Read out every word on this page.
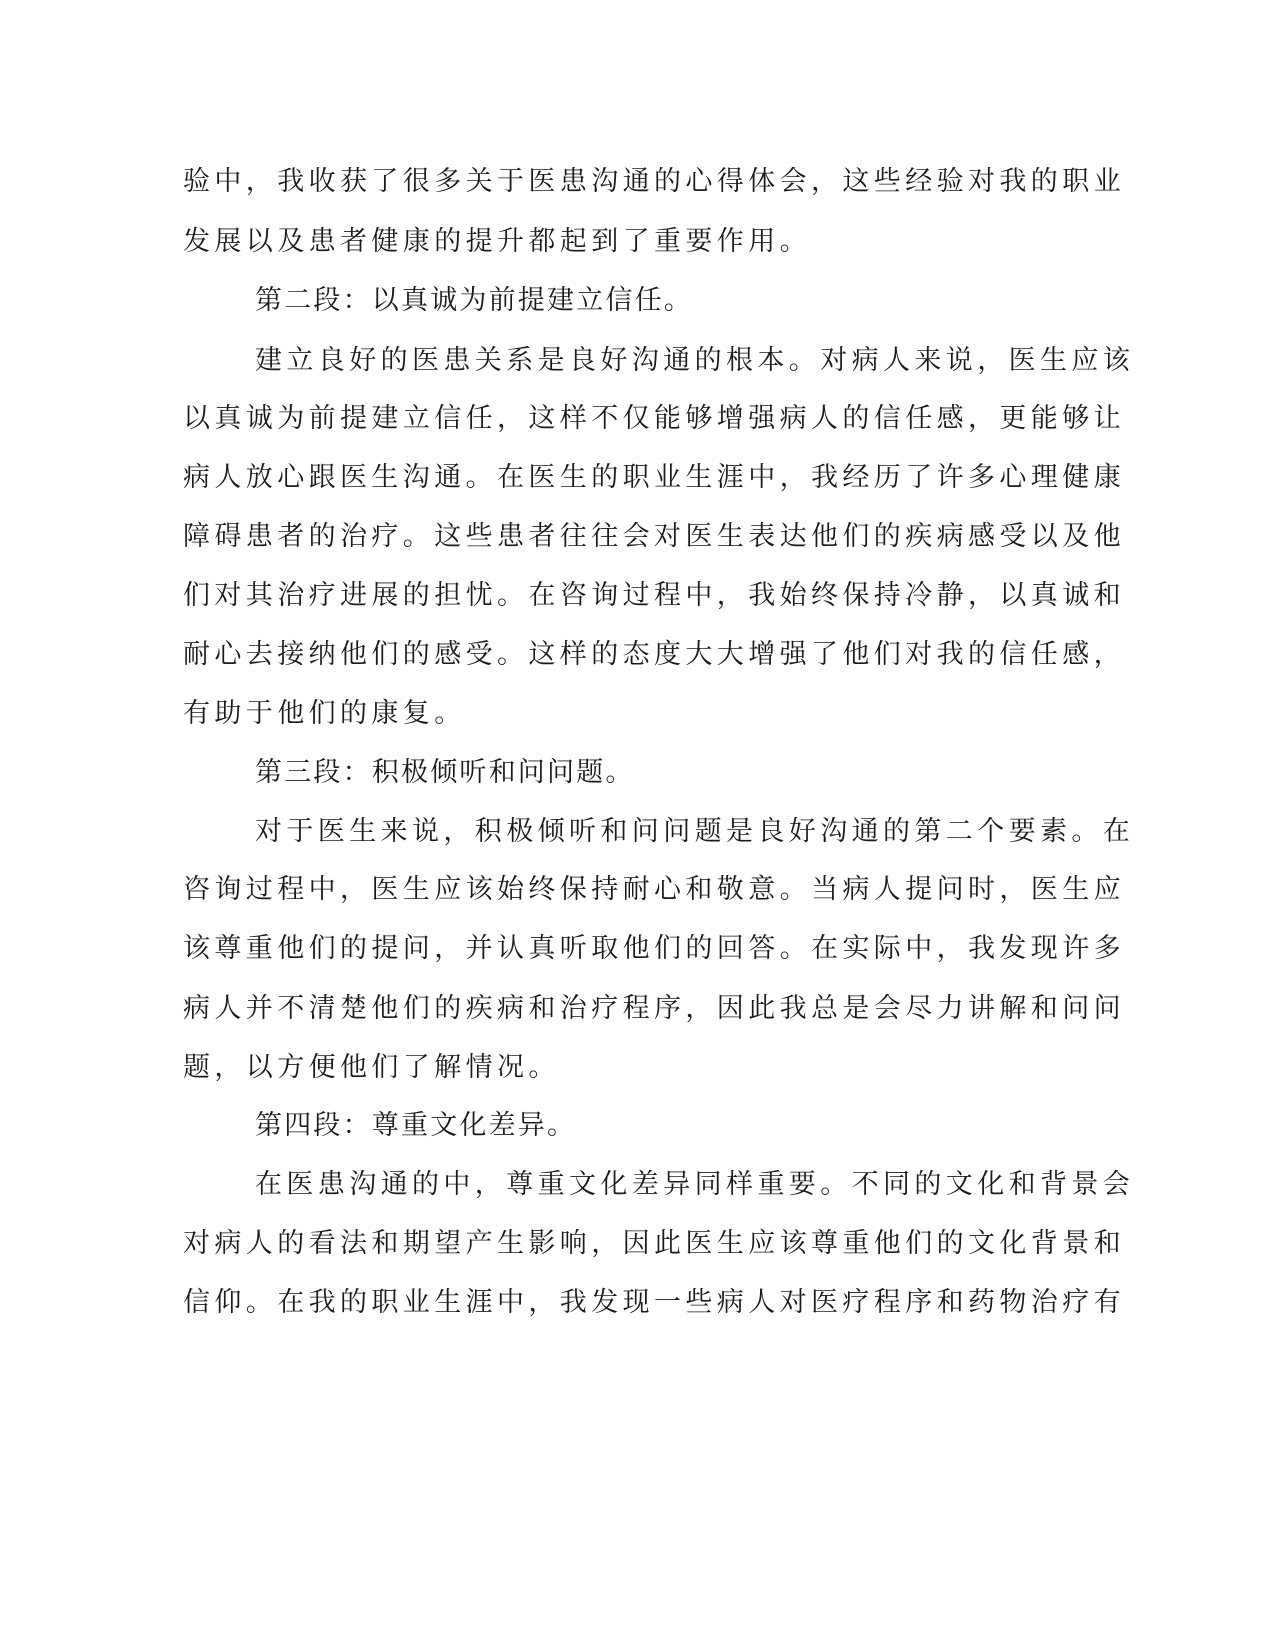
验中，我收获了很多关于医患沟通的心得体会，这些经验对我的职业
发展以及患者健康的提升都起到了重要作用。
第二段：以真诚为前提建立信任。
建立良好的医患关系是良好沟通的根本。对病人来说，医生应该
以真诚为前提建立信任，这样不仅能够增强病人的信任感，更能够让
病人放心跟医生沟通。在医生的职业生涯中，我经历了许多心理健康
障碍患者的治疗。这些患者往往会对医生表达他们的疾病感受以及他
们对其治疗进展的担忧。在咨询过程中，我始终保持冷静，以真诚和
耐心去接纳他们的感受。这样的态度大大增强了他们对我的信任感，
有助于他们的康复。
第三段：积极倾听和问问题。
对于医生来说，积极倾听和问问题是良好沟通的第二个要素。在
咨询过程中，医生应该始终保持耐心和敬意。当病人提问时，医生应
该尊重他们的提问，并认真听取他们的回答。在实际中，我发现许多
病人并不清楚他们的疾病和治疗程序，因此我总是会尽力讲解和问问
题，以方便他们了解情况。
第四段：尊重文化差异。
在医患沟通的中，尊重文化差异同样重要。不同的文化和背景会
对病人的看法和期望产生影响，因此医生应该尊重他们的文化背景和
信仰。在我的职业生涯中，我发现一些病人对医疗程序和药物治疗有
